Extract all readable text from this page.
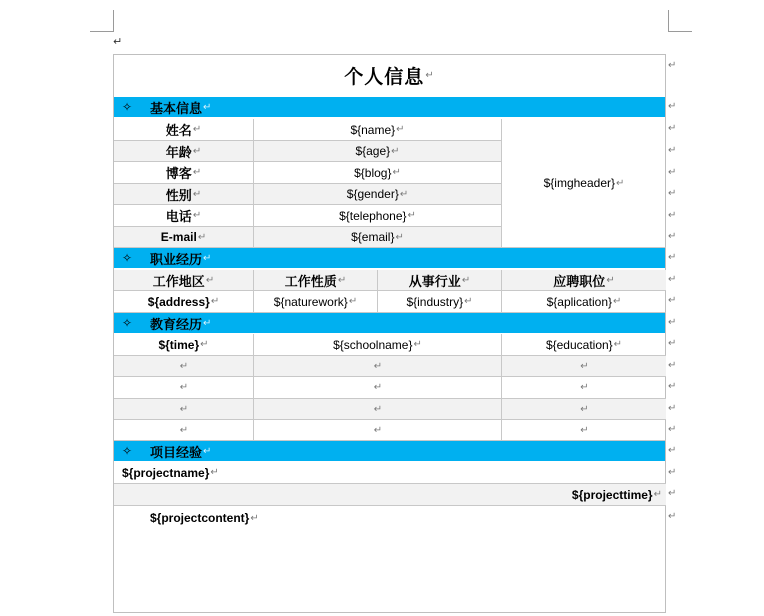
↵
个人信息 ↵
✧	基本信息 ↵
姓名 ↵	${name} ↵
年龄 ↵	${age} ↵
博客 ↵	${blog} ↵
性别 ↵	${gender} ↵
电话 ↵	${telephone} ↵
E-mail ↵	${email} ↵
${imgheader} ↵
✧	职业经历 ↵
工作地区 ↵	工作性质 ↵	从事行业 ↵	应聘职位 ↵
${address} ↵	${naturework} ↵	${industry} ↵	${aplication} ↵
✧	教育经历 ↵
${time} ↵	${schoolname} ↵	${education} ↵
↵	↵	↵
↵	↵	↵
↵	↵	↵
↵	↵	↵
✧	项目经验 ↵
${projectname} ↵
${projecttime} ↵
${projectcontent} ↵
↵
↵
↵
↵
↵
↵
↵
↵
↵
↵
↵
↵
↵
↵
↵
↵
↵
↵
↵
↵
↵
